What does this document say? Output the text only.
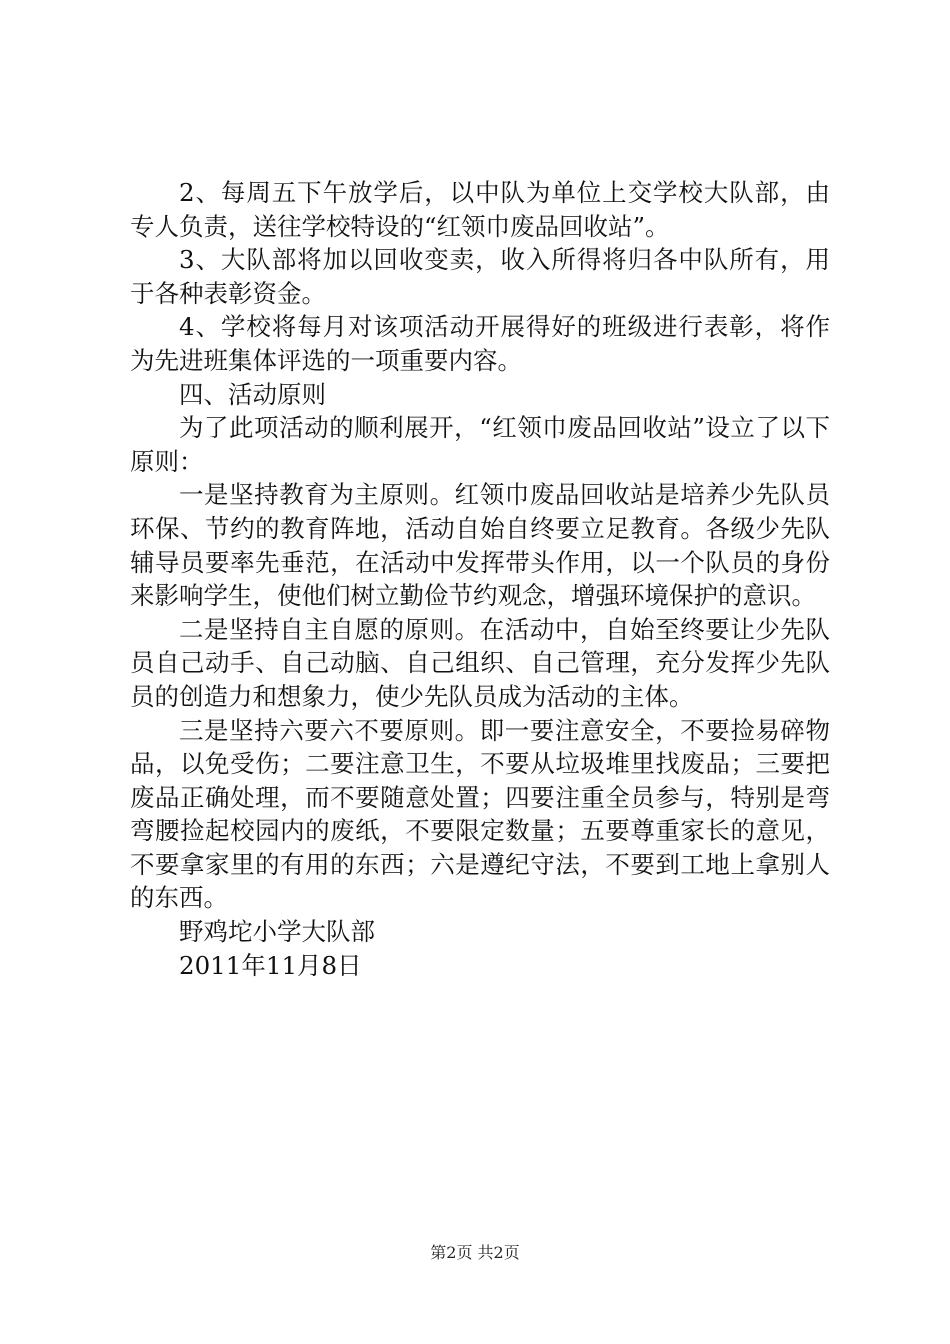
2、每周五下午放学后，以中队为单位上交学校大队部，由专人负责，送往学校特设的“红领巾废品回收站”。

3、大队部将加以回收变卖，收入所得将归各中队所有，用于各种表彰资金。

4、学校将每月对该项活动开展得好的班级进行表彰，将作为先进班集体评选的一项重要内容。

四、活动原则

为了此项活动的顺利展开，“红领巾废品回收站”设立了以下原则：

一是坚持教育为主原则。红领巾废品回收站是培养少先队员环保、节约的教育阵地，活动自始自终要立足教育。各级少先队辅导员要率先垂范，在活动中发挥带头作用，以一个队员的身份来影响学生，使他们树立勤俭节约观念，增强环境保护的意识。

二是坚持自主自愿的原则。在活动中，自始至终要让少先队员自己动手、自己动脑、自己组织、自己管理，充分发挥少先队员的创造力和想象力，使少先队员成为活动的主体。

三是坚持六要六不要原则。即一要注意安全，不要捡易碎物品，以免受伤；二要注意卫生，不要从垃圾堆里找废品；三要把废品正确处理，而不要随意处置；四要注重全员参与，特别是弯弯腰捡起校园内的废纸，不要限定数量；五要尊重家长的意见，不要拿家里的有用的东西；六是遵纪守法，不要到工地上拿别人的东西。

野鸡坨小学大队部

2011年11月8日

第2页 共2页
